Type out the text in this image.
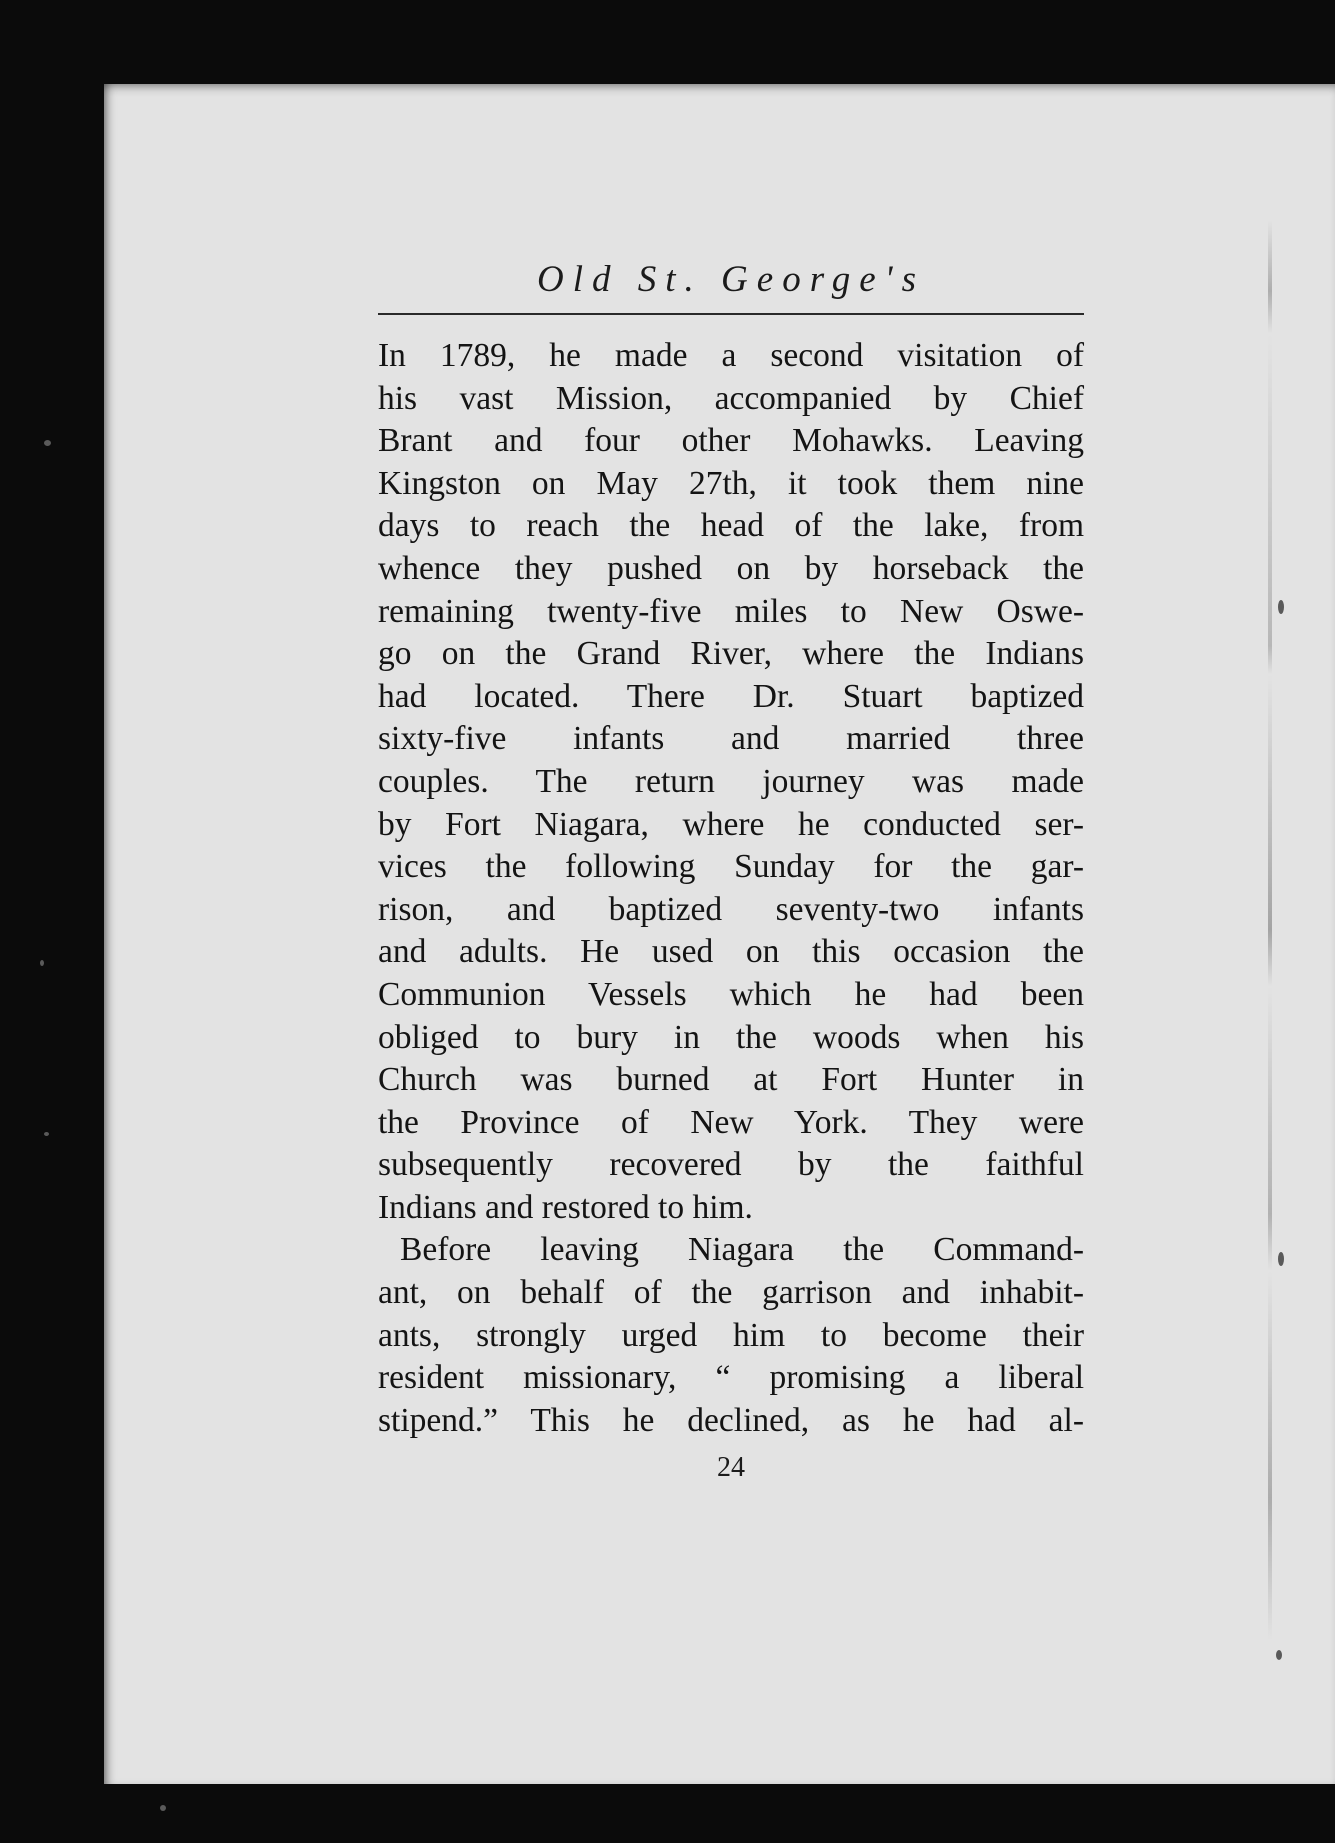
Old St. George's
In 1789, he made a second visitation of
his vast Mission, accompanied by Chief
Brant and four other Mohawks. Leaving
Kingston on May 27th, it took them nine
days to reach the head of the lake, from
whence they pushed on by horseback the
remaining twenty-five miles to New Oswe-
go on the Grand River, where the Indians
had located. There Dr. Stuart baptized
sixty-five infants and married three
couples. The return journey was made
by Fort Niagara, where he conducted ser-
vices the following Sunday for the gar-
rison, and baptized seventy-two infants
and adults. He used on this occasion the
Communion Vessels which he had been
obliged to bury in the woods when his
Church was burned at Fort Hunter in
the Province of New York. They were
subsequently recovered by the faithful
Indians and restored to him.
Before leaving Niagara the Command-
ant, on behalf of the garrison and inhabit-
ants, strongly urged him to become their
resident missionary, “ promising a liberal
stipend.” This he declined, as he had al-
24
